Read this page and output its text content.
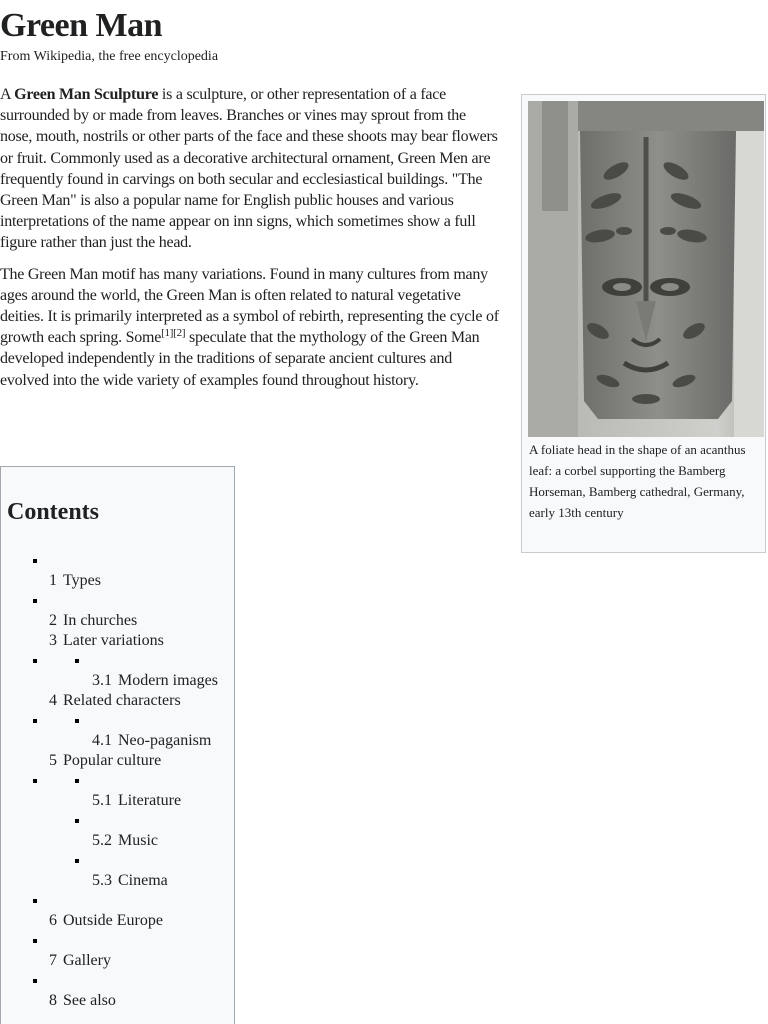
Green Man
From Wikipedia, the free encyclopedia

A Green Man Sculpture is a sculpture, or other representation of a face surrounded by or made from leaves. Branches or vines may sprout from the nose, mouth, nostrils or other parts of the face and these shoots may bear flowers or fruit. Commonly used as a decorative architectural ornament, Green Men are frequently found in carvings on both secular and ecclesiastical buildings. "The Green Man" is also a popular name for English public houses and various interpretations of the name appear on inn signs, which sometimes show a full figure rather than just the head.

The Green Man motif has many variations. Found in many cultures from many ages around the world, the Green Man is often related to natural vegetative deities. It is primarily interpreted as a symbol of rebirth, representing the cycle of growth each spring. Some[1][2] speculate that the mythology of the Green Man developed independently in the traditions of separate ancient cultures and evolved into the wide variety of examples found throughout history.

A foliate head in the shape of an acanthus leaf: a corbel supporting the Bamberg Horseman, Bamberg cathedral, Germany, early 13th century
Contents
1 Types
2 In churches
3 Later variations
3.1 Modern images
4 Related characters
4.1 Neo-paganism
5 Popular culture
5.1 Literature
5.2 Music
5.3 Cinema
6 Outside Europe
7 Gallery
8 See also
